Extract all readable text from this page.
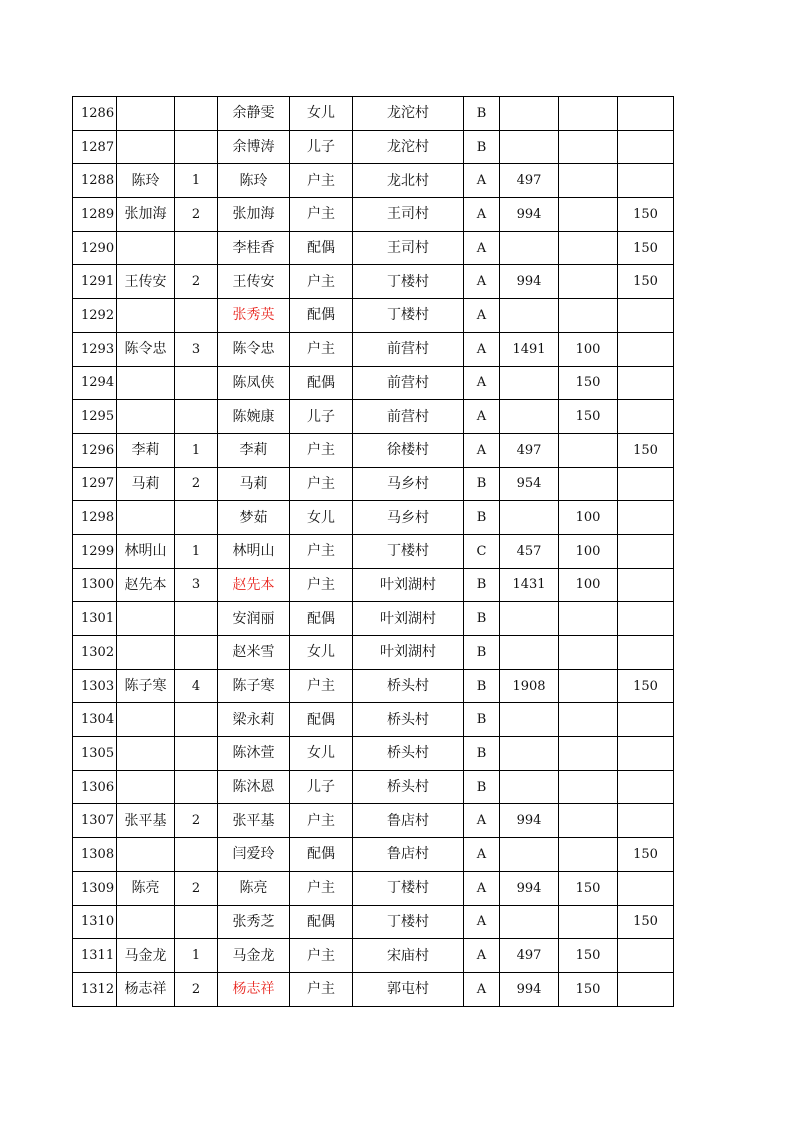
1286			余静雯	女儿	龙沱村	B			
1287			余博涛	儿子	龙沱村	B			
1288	陈玲	1	陈玲	户主	龙北村	A	497		
1289	张加海	2	张加海	户主	王司村	A	994		150
1290			李桂香	配偶	王司村	A			150
1291	王传安	2	王传安	户主	丁楼村	A	994		150
1292			张秀英	配偶	丁楼村	A			
1293	陈令忠	3	陈令忠	户主	前营村	A	1491	100	
1294			陈凤侠	配偶	前营村	A		150	
1295			陈婉康	儿子	前营村	A		150	
1296	李莉	1	李莉	户主	徐楼村	A	497		150
1297	马莉	2	马莉	户主	马乡村	B	954		
1298			梦茹	女儿	马乡村	B		100	
1299	林明山	1	林明山	户主	丁楼村	C	457	100	
1300	赵先本	3	赵先本	户主	叶刘湖村	B	1431	100	
1301			安润丽	配偶	叶刘湖村	B			
1302			赵米雪	女儿	叶刘湖村	B			
1303	陈子寒	4	陈子寒	户主	桥头村	B	1908		150
1304			梁永莉	配偶	桥头村	B			
1305			陈沐萱	女儿	桥头村	B			
1306			陈沐恩	儿子	桥头村	B			
1307	张平基	2	张平基	户主	鲁店村	A	994		
1308			闫爱玲	配偶	鲁店村	A			150
1309	陈亮	2	陈亮	户主	丁楼村	A	994	150	
1310			张秀芝	配偶	丁楼村	A			150
1311	马金龙	1	马金龙	户主	宋庙村	A	497	150	
1312	杨志祥	2	杨志祥	户主	郭屯村	A	994	150	
